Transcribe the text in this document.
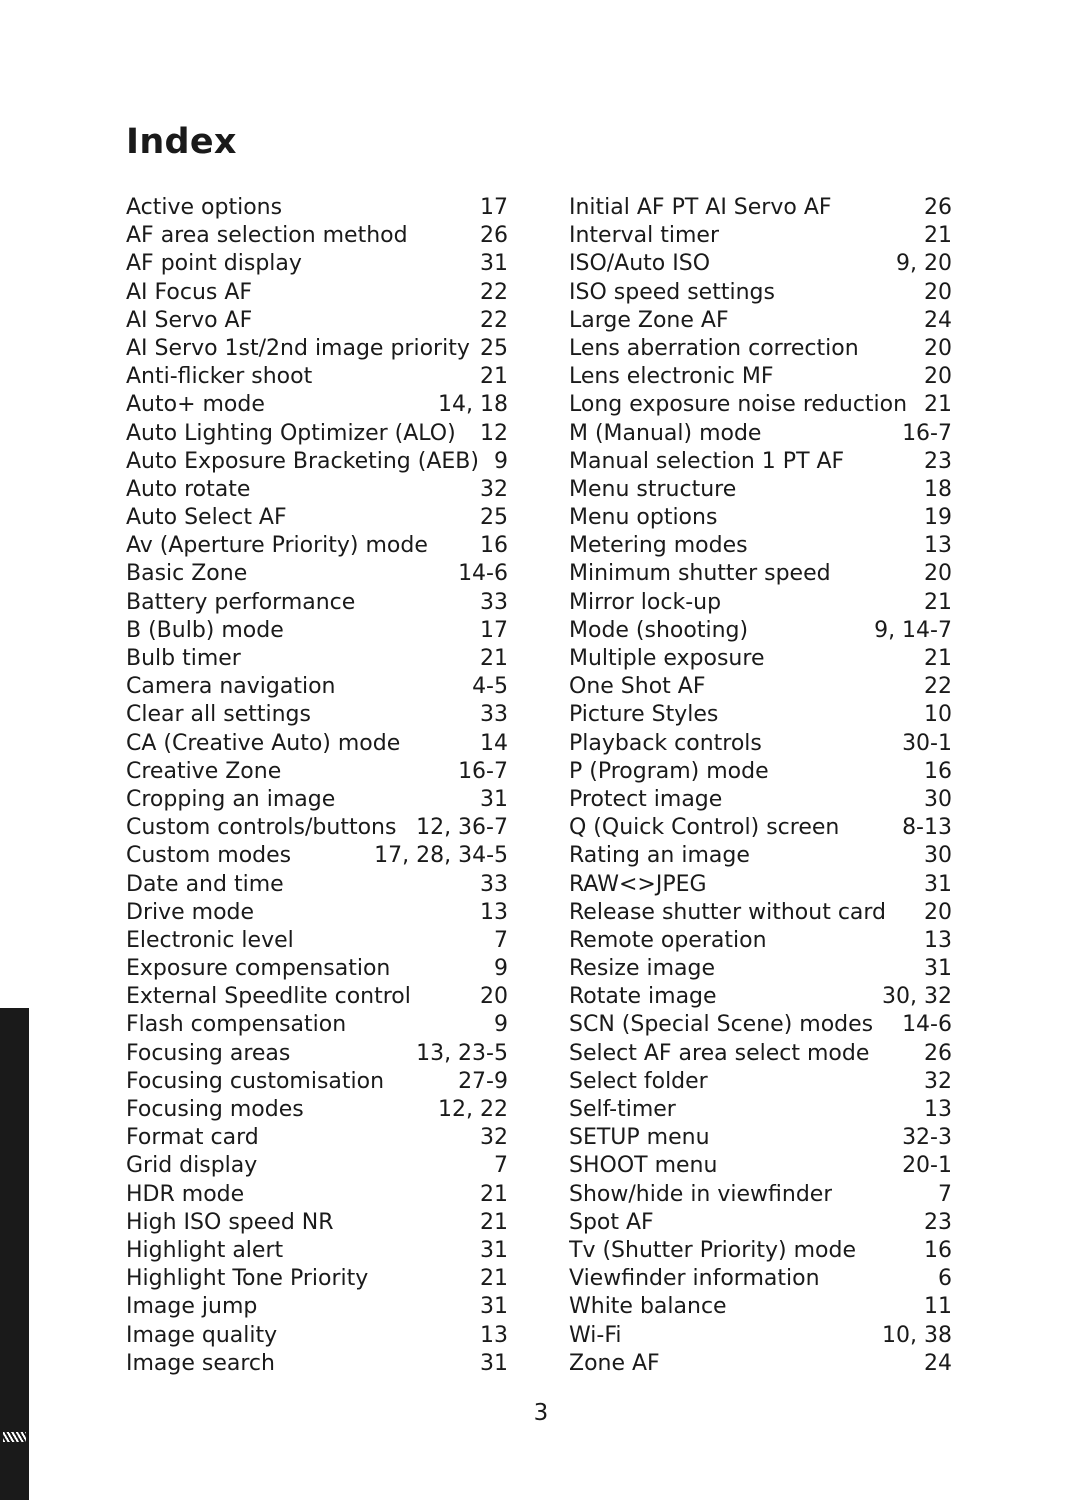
Index
Active options	17
AF area selection method	26
AF point display	31
AI Focus AF	22
AI Servo AF	22
AI Servo 1st/2nd image priority 25
Anti-flicker shoot	21
Auto+ mode	14, 18
Auto Lighting Optimizer (ALO)	12
Auto Exposure Bracketing (AEB) 9
Auto rotate	32
Auto Select AF	25
Av (Aperture Priority) mode	16
Basic Zone	14-6
Battery performance	33
B (Bulb) mode	17
Bulb timer	21
Camera navigation	4-5
Clear all settings	33
CA (Creative Auto) mode	14
Creative Zone	16-7
Cropping an image	31
Custom controls/buttons 12, 36-7
Custom modes	17, 28, 34-5
Date and time	33
Drive mode	13
Electronic level	7
Exposure compensation	9
External Speedlite control	20
Flash compensation	9
Focusing areas	13, 23-5
Focusing customisation	27-9
Focusing modes	12, 22
Format card	32
Grid display	7
HDR mode	21
High ISO speed NR	21
Highlight alert	31
Highlight Tone Priority	21
Image jump	31
Image quality	13
Image search	31
Initial AF PT AI Servo AF	26
Interval timer	21
ISO/Auto ISO	9, 20
ISO speed settings	20
Large Zone AF	24
Lens aberration correction	20
Lens electronic MF	20
Long exposure noise reduction 21
M (Manual) mode	16-7
Manual selection 1 PT AF	23
Menu structure	18
Menu options	19
Metering modes	13
Minimum shutter speed	20
Mirror lock-up	21
Mode (shooting)	9, 14-7
Multiple exposure	21
One Shot AF	22
Picture Styles	10
Playback controls	30-1
P (Program) mode	16
Protect image	30
Q (Quick Control) screen	8-13
Rating an image	30
RAW<>JPEG	31
Release shutter without card	20
Remote operation	13
Resize image	31
Rotate image	30, 32
SCN (Special Scene) modes	14-6
Select AF area select mode	26
Select folder	32
Self-timer	13
SETUP menu	32-3
SHOOT menu	20-1
Show/hide in viewfinder	7
Spot AF	23
Tv (Shutter Priority) mode	16
Viewfinder information	6
White balance	11
Wi-Fi	10, 38
Zone AF	24
3
